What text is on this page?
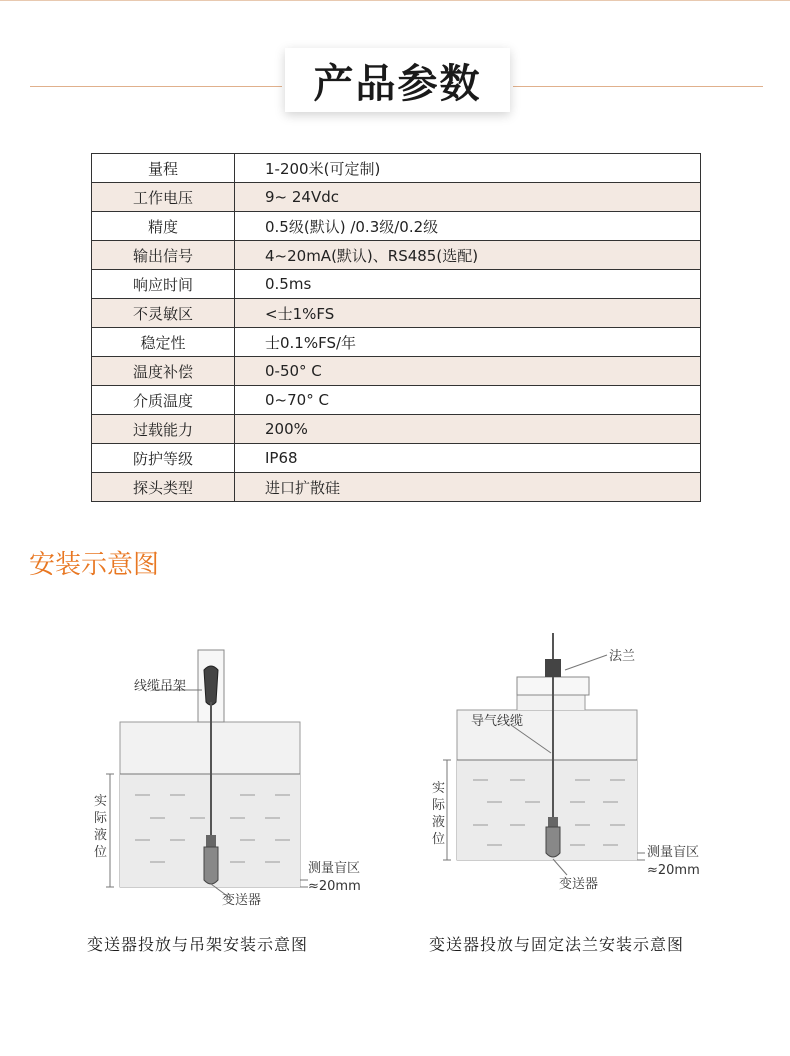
产品参数
量程	1-200米(可定制)
工作电压	9~ 24Vdc
精度	0.5级(默认) /0.3级/0.2级
输出信号	4~20mA(默认)、RS485(选配)
响应时间	0.5ms
不灵敏区	<士1%FS
稳定性	士0.1%FS/年
温度补偿	0-50° C
介质温度	0~70° C
过载能力	200%
防护等级	IP68
探头类型	进口扩散硅
安装示意图
线缆吊架
实
际
液
位
测量盲区
≈20mm
变送器
法兰
导气线缆
实
际
液
位
测量盲区
≈20mm
变送器
变送器投放与吊架安装示意图	变送器投放与固定法兰安装示意图
